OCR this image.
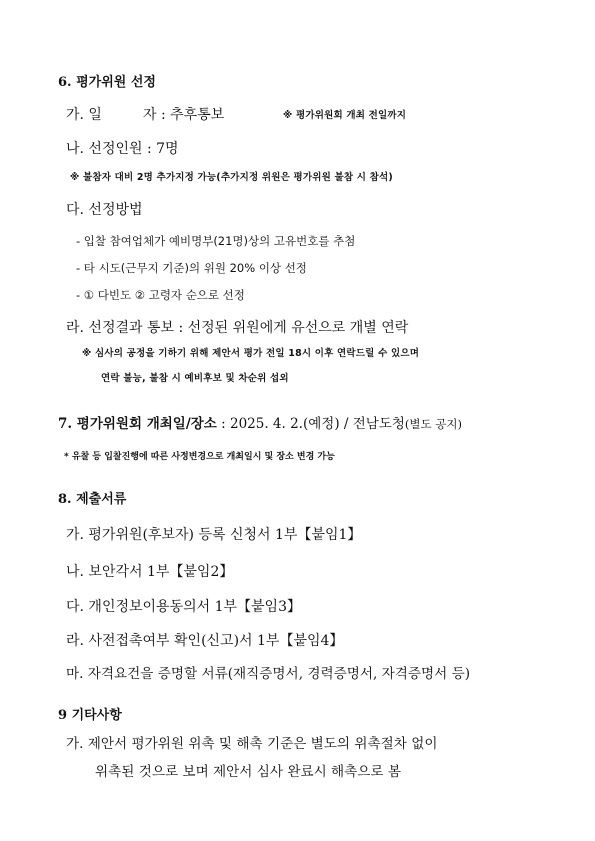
6. 평가위원 선정
가. 일	자 : 추후통보	※ 평가위원회 개최 전일까지
나. 선정인원 : 7명
※ 불참자 대비 2명 추가지정 가능(추가지정 위원은 평가위원 불참 시 참석)
다. 선정방법
- 입찰 참여업체가 예비명부(21명)상의 고유번호를 추첨
- 타 시도(근무지 기준)의 위원 20% 이상 선정
- ① 다빈도 ② 고령자 순으로 선정
라. 선정결과 통보 : 선정된 위원에게 유선으로 개별 연락
※ 심사의 공정을 기하기 위해 제안서 평가 전일 18시 이후 연락드릴 수 있으며
연락 불능, 불참 시 예비후보 및 차순위 섭외
7. 평가위원회 개최일/장소 : 2025. 4. 2.(예정) / 전남도청(별도 공지)
* 유찰 등 입찰진행에 따른 사정변경으로 개최일시 및 장소 변경 가능
8. 제출서류
가. 평가위원(후보자) 등록 신청서 1부【붙임1】
나. 보안각서 1부【붙임2】
다. 개인정보이용동의서 1부【붙임3】
라. 사전접촉여부 확인(신고)서 1부【붙임4】
마. 자격요건을 증명할 서류(재직증명서, 경력증명서, 자격증명서 등)
9 기타사항
가. 제안서 평가위원 위촉 및 해촉 기준은 별도의 위촉절차 없이
위촉된 것으로 보며 제안서 심사 완료시 해촉으로 봄
